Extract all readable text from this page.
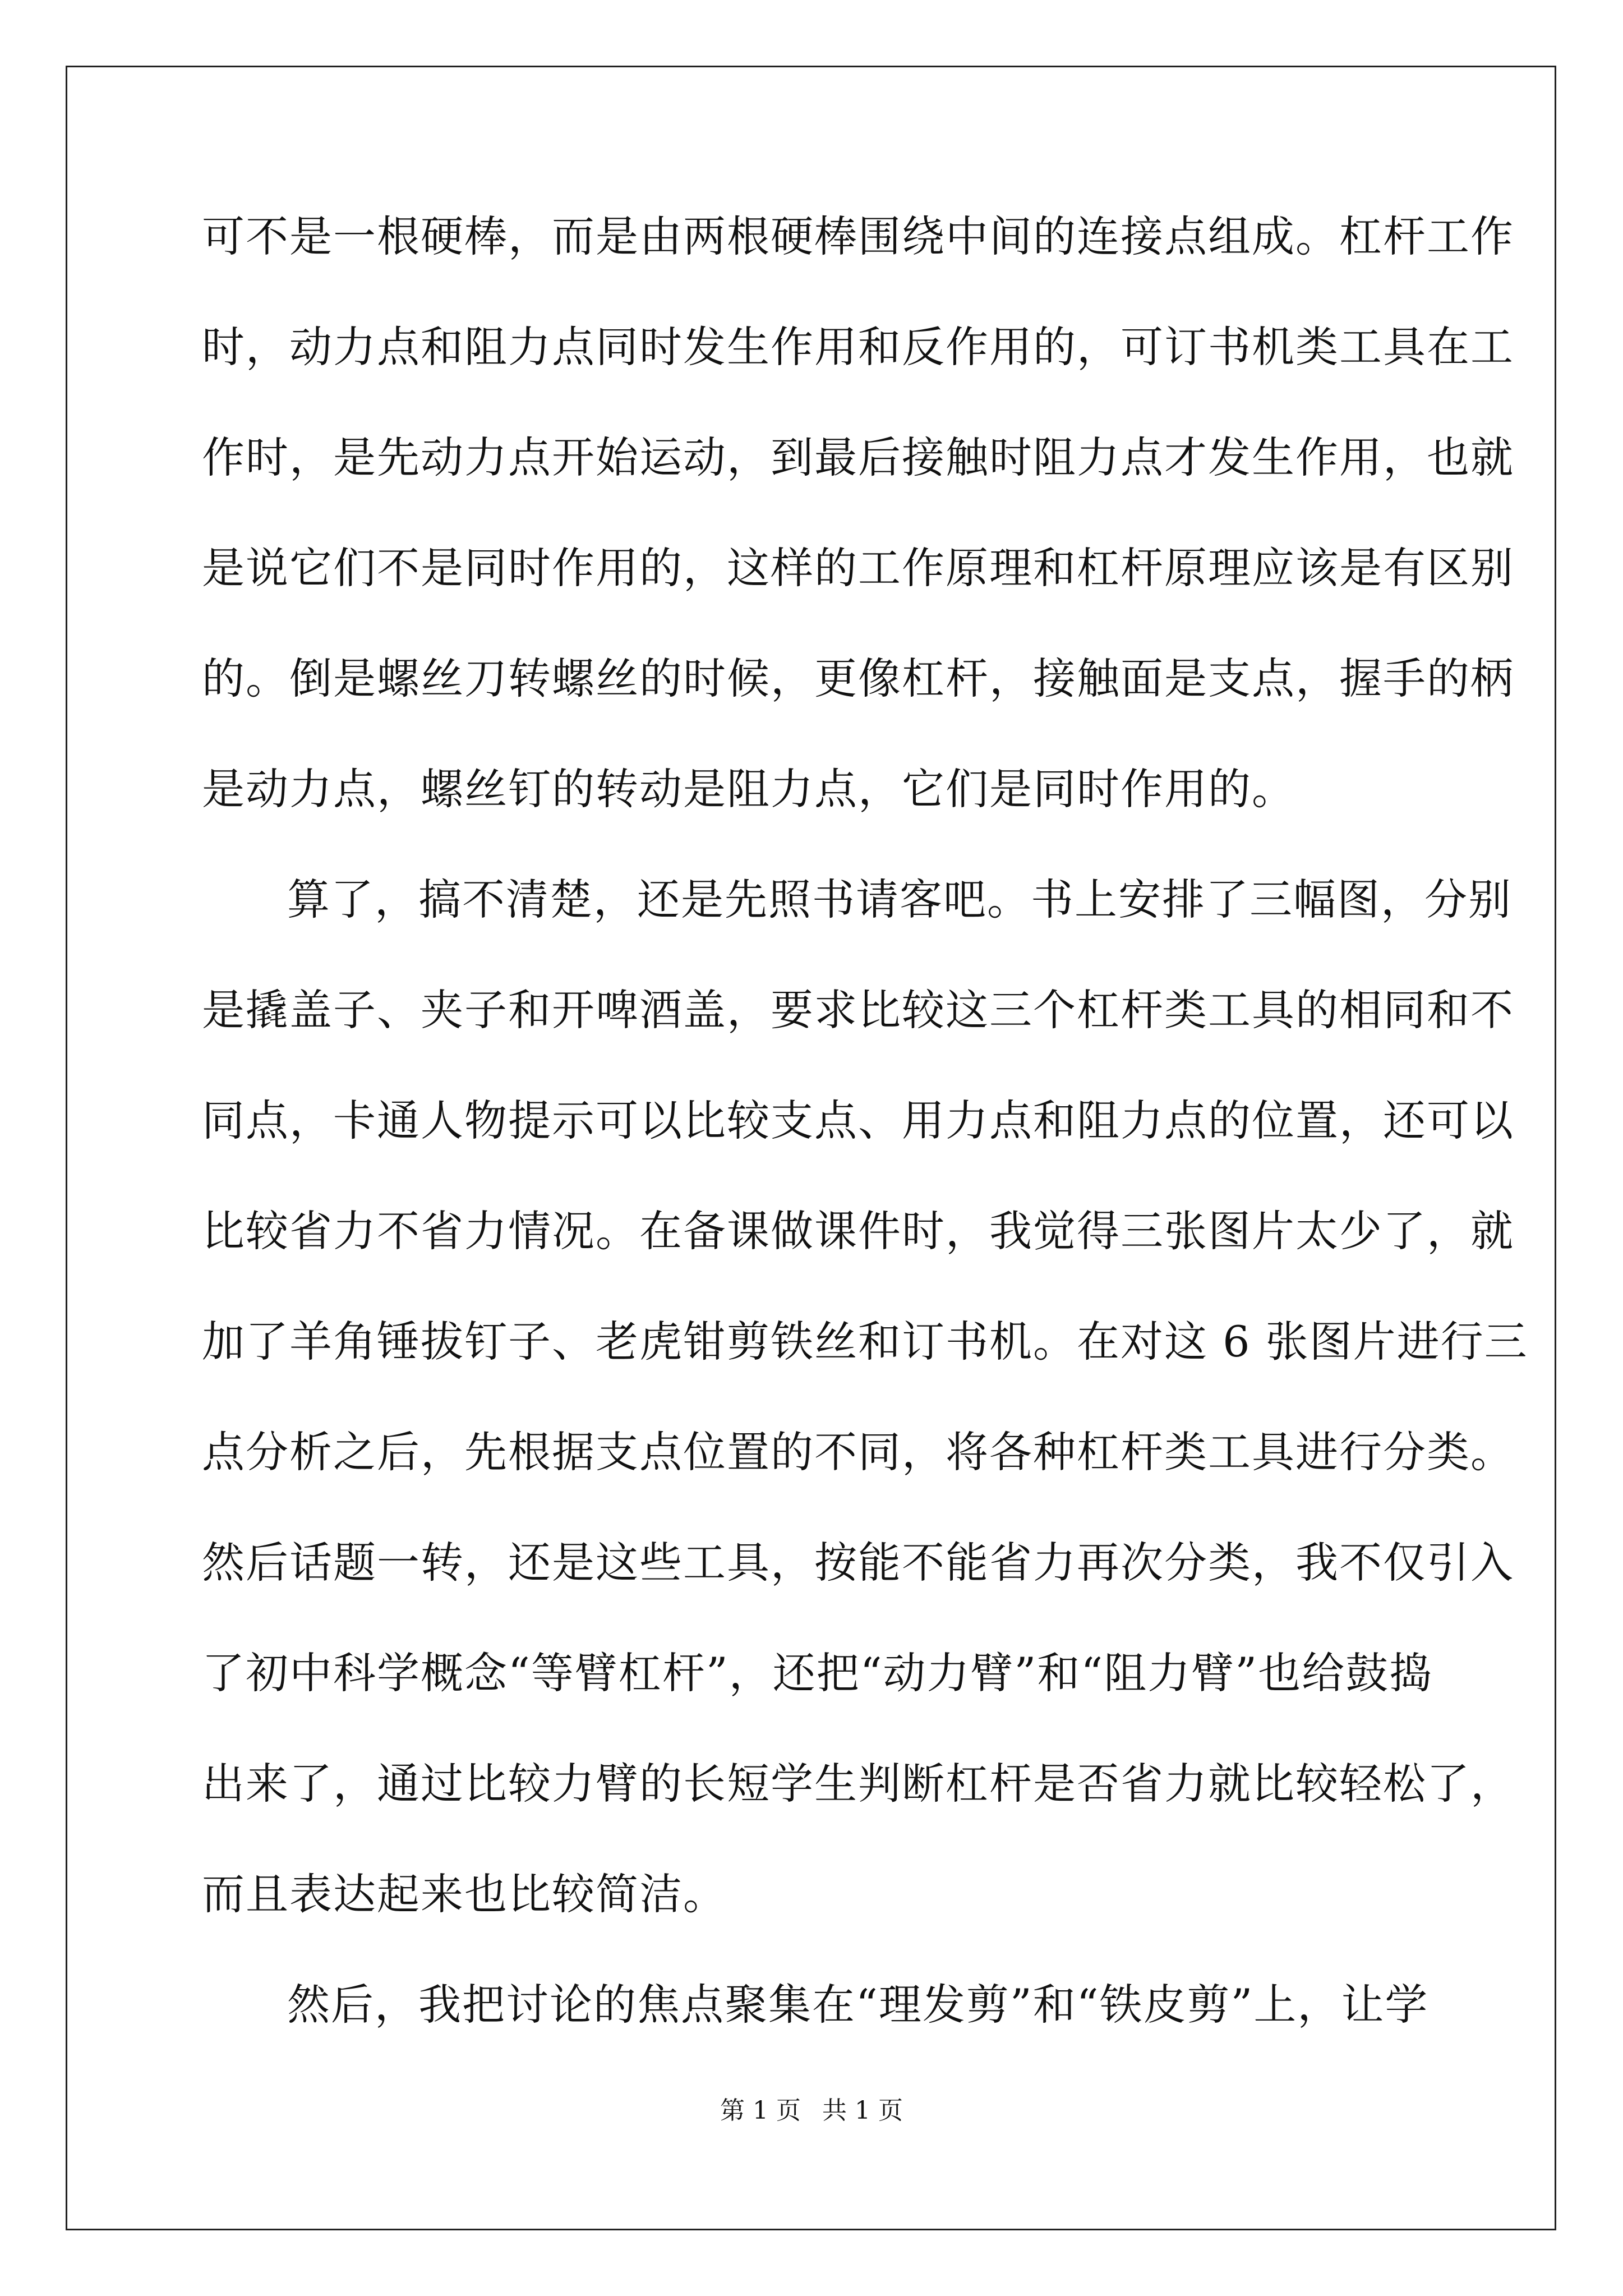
可不是一根硬棒，而是由两根硬棒围绕中间的连接点组成。杠杆工作
时，动力点和阻力点同时发生作用和反作用的，可订书机类工具在工
作时，是先动力点开始运动，到最后接触时阻力点才发生作用，也就
是说它们不是同时作用的，这样的工作原理和杠杆原理应该是有区别
的。倒是螺丝刀转螺丝的时候，更像杠杆，接触面是支点，握手的柄
是动力点，螺丝钉的转动是阻力点，它们是同时作用的。
算了，搞不清楚，还是先照书请客吧。书上安排了三幅图，分别
是撬盖子、夹子和开啤酒盖，要求比较这三个杠杆类工具的相同和不
同点，卡通人物提示可以比较支点、用力点和阻力点的位置，还可以
比较省力不省力情况。在备课做课件时，我觉得三张图片太少了，就
加了羊角锤拔钉子、老虎钳剪铁丝和订书机。在对这 6 张图片进行三
点分析之后，先根据支点位置的不同，将各种杠杆类工具进行分类。
然后话题一转，还是这些工具，按能不能省力再次分类，我不仅引入
了初中科学概念“等臂杠杆”，还把“动力臂”和“阻力臂”也给鼓捣
出来了，通过比较力臂的长短学生判断杠杆是否省力就比较轻松了，
而且表达起来也比较简洁。
然后，我把讨论的焦点聚集在“理发剪”和“铁皮剪”上，让学
第 1 页 共 1 页
